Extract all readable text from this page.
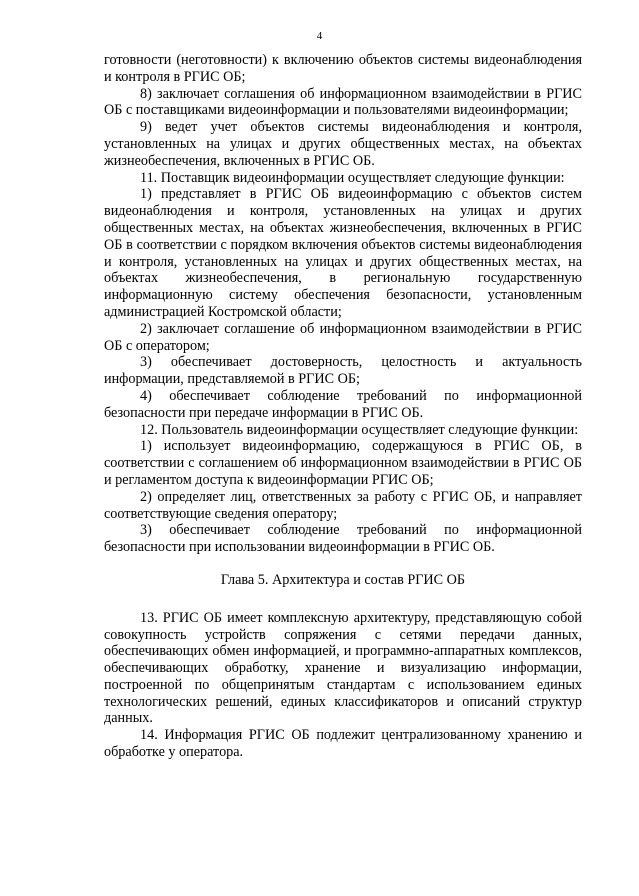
4

готовности (неготовности) к включению объектов системы видеонаблюдения и контроля в РГИС ОБ;

8) заключает соглашения об информационном взаимодействии в РГИС ОБ с поставщиками видеоинформации и пользователями видеоинформации;

9) ведет учет объектов системы видеонаблюдения и контроля, установленных на улицах и других общественных местах, на объектах жизнеобеспечения, включенных в РГИС ОБ.

11. Поставщик видеоинформации осуществляет следующие функции:

1) представляет в РГИС ОБ видеоинформацию с объектов систем видеонаблюдения и контроля, установленных на улицах и других общественных местах, на объектах жизнеобеспечения, включенных в РГИС ОБ в соответствии с порядком включения объектов системы видеонаблюдения и контроля, установленных на улицах и других общественных местах, на объектах жизнеобеспечения, в региональную государственную информационную систему обеспечения безопасности, установленным администрацией Костромской области;

2) заключает соглашение об информационном взаимодействии в РГИС ОБ с оператором;

3) обеспечивает достоверность, целостность и актуальность информации, представляемой в РГИС ОБ;

4) обеспечивает соблюдение требований по информационной безопасности при передаче информации в РГИС ОБ.

12. Пользователь видеоинформации осуществляет следующие функции:

1) использует видеоинформацию, содержащуюся в РГИС ОБ, в соответствии с соглашением об информационном взаимодействии в РГИС ОБ и регламентом доступа к видеоинформации РГИС ОБ;

2) определяет лиц, ответственных за работу с РГИС ОБ, и направляет соответствующие сведения оператору;

3) обеспечивает соблюдение требований по информационной безопасности при использовании видеоинформации в РГИС ОБ.

Глава 5. Архитектура и состав РГИС ОБ

13. РГИС ОБ имеет комплексную архитектуру, представляющую собой совокупность устройств сопряжения с сетями передачи данных, обеспечивающих обмен информацией, и программно-аппаратных комплексов, обеспечивающих обработку, хранение и визуализацию информации, построенной по общепринятым стандартам с использованием единых технологических решений, единых классификаторов и описаний структур данных.

14. Информация РГИС ОБ подлежит централизованному хранению и обработке у оператора.
